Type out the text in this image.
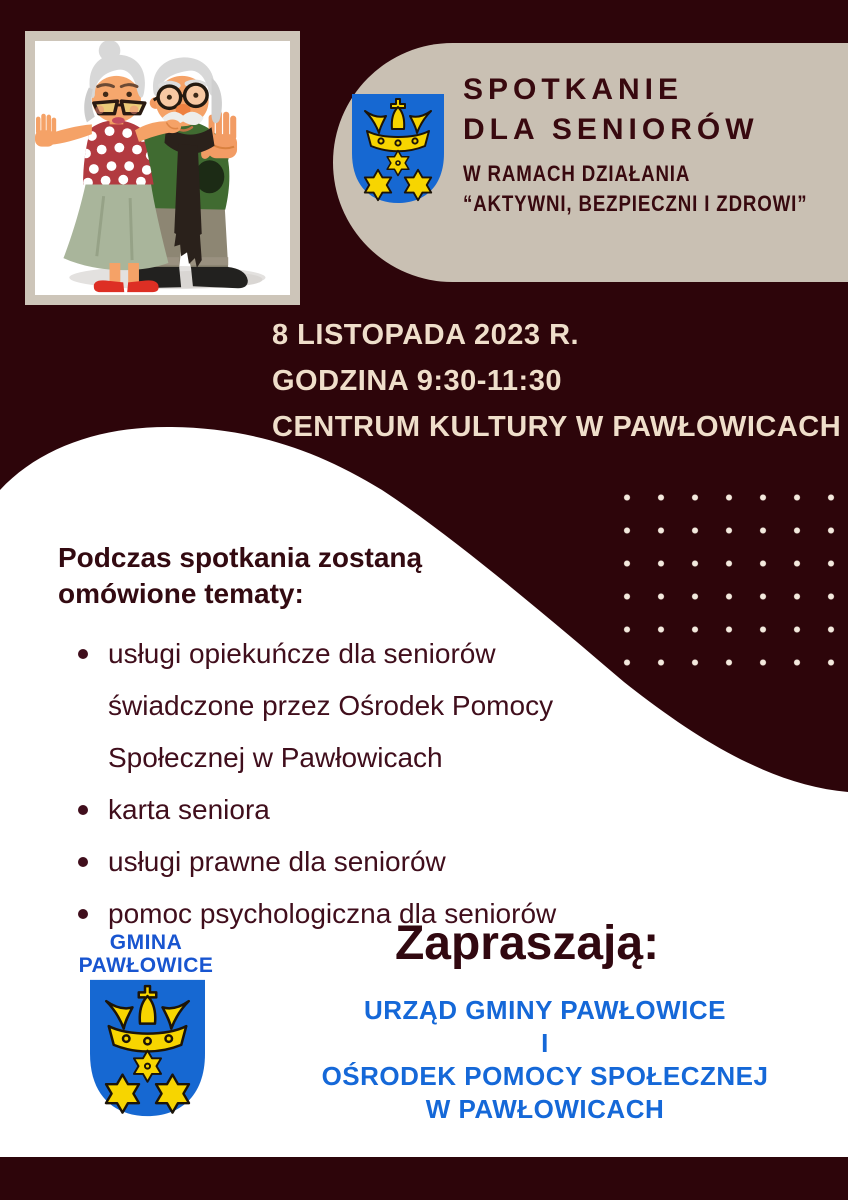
SPOTKANIE
DLA SENIORÓW
W RAMACH DZIAŁANIA
“AKTYWNI, BEZPIECZNI I ZDROWI”
8 LISTOPADA 2023 R.
GODZINA 9:30-11:30
CENTRUM KULTURY W PAWŁOWICACH
Podczas spotkania zostaną
omówione tematy:
usługi opiekuńcze dla seniorów świadczone przez Ośrodek Pomocy Społecznej w Pawłowicach
karta seniora
usługi prawne dla seniorów
pomoc psychologiczna dla seniorów
Zapraszają:
URZĄD GMINY PAWŁOWICE
I
OŚRODEK POMOCY SPOŁECZNEJ
W PAWŁOWICACH
GMINA
PAWŁOWICE
